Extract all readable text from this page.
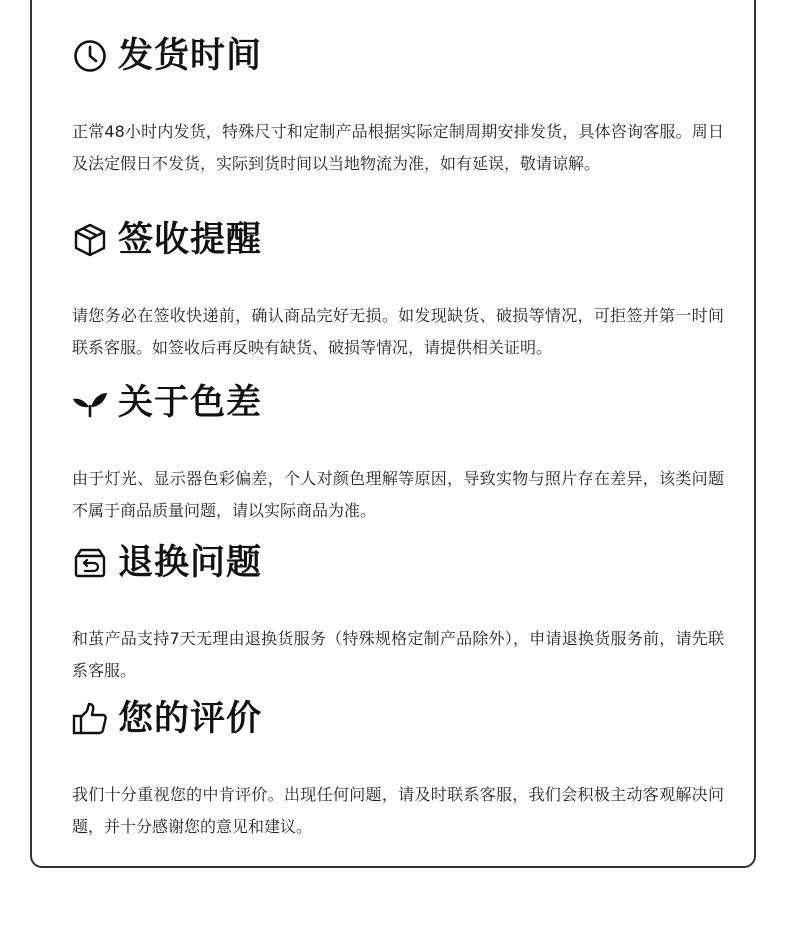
发货时间
正常48小时内发货，特殊尺寸和定制产品根据实际定制周期安排发货，具体咨询客服。周日及法定假日不发货，实际到货时间以当地物流为准，如有延误，敬请谅解。
签收提醒
请您务必在签收快递前，确认商品完好无损。如发现缺货、破损等情况，可拒签并第一时间联系客服。如签收后再反映有缺货、破损等情况，请提供相关证明。
关于色差
由于灯光、显示器色彩偏差，个人对颜色理解等原因，导致实物与照片存在差异，该类问题不属于商品质量问题，请以实际商品为准。
退换问题
和茧产品支持7天无理由退换货服务（特殊规格定制产品除外），申请退换货服务前，请先联系客服。
您的评价
我们十分重视您的中肯评价。出现任何问题，请及时联系客服，我们会积极主动客观解决问题，并十分感谢您的意见和建议。
